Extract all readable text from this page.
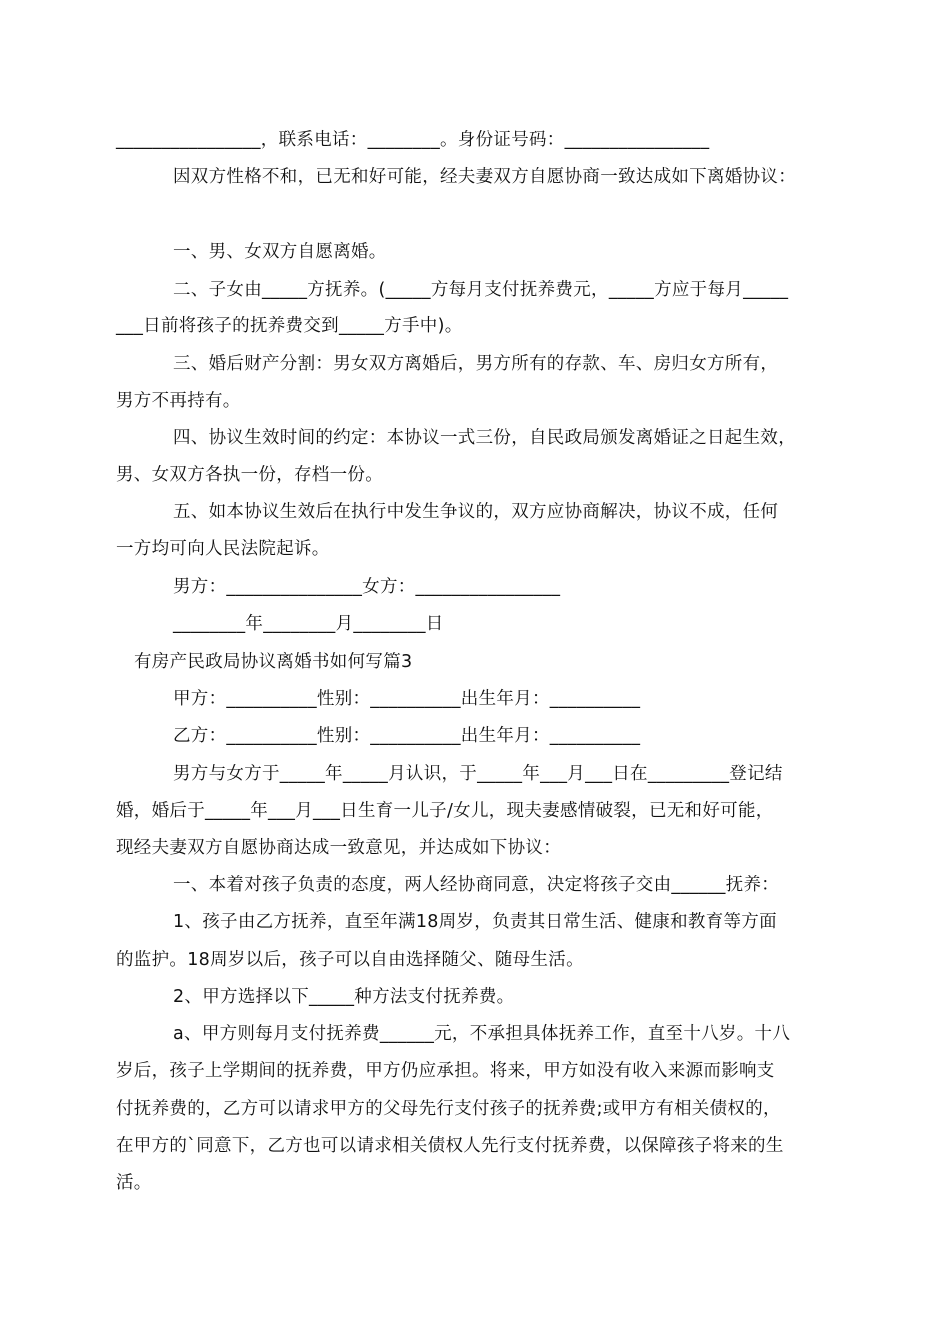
________________，联系电话：________。身份证号码：________________
因双方性格不和，已无和好可能，经夫妻双方自愿协商一致达成如下离婚协议：
一、男、女双方自愿离婚。
二、子女由_____方抚养。(_____方每月支付抚养费元，_____方应于每月_____
___日前将孩子的抚养费交到_____方手中)。
三、婚后财产分割：男女双方离婚后，男方所有的存款、车、房归女方所有，
男方不再持有。
四、协议生效时间的约定：本协议一式三份，自民政局颁发离婚证之日起生效，
男、女双方各执一份，存档一份。
五、如本协议生效后在执行中发生争议的，双方应协商解决，协议不成，任何
一方均可向人民法院起诉。
男方：_______________女方：________________
________年________月________日
有房产民政局协议离婚书如何写篇3
甲方：__________性别：__________出生年月：__________
乙方：__________性别：__________出生年月：__________
男方与女方于_____年_____月认识，于_____年___月___日在_________登记结
婚，婚后于_____年___月___日生育一儿子/女儿，现夫妻感情破裂，已无和好可能，
现经夫妻双方自愿协商达成一致意见，并达成如下协议：
一、本着对孩子负责的态度，两人经协商同意，决定将孩子交由______抚养：
1、孩子由乙方抚养，直至年满18周岁，负责其日常生活、健康和教育等方面
的监护。18周岁以后，孩子可以自由选择随父、随母生活。
2、甲方选择以下_____种方法支付抚养费。
a、甲方则每月支付抚养费______元，不承担具体抚养工作，直至十八岁。十八
岁后，孩子上学期间的抚养费，甲方仍应承担。将来，甲方如没有收入来源而影响支
付抚养费的，乙方可以请求甲方的父母先行支付孩子的抚养费;或甲方有相关债权的，
在甲方的`同意下，乙方也可以请求相关债权人先行支付抚养费，以保障孩子将来的生
活。
